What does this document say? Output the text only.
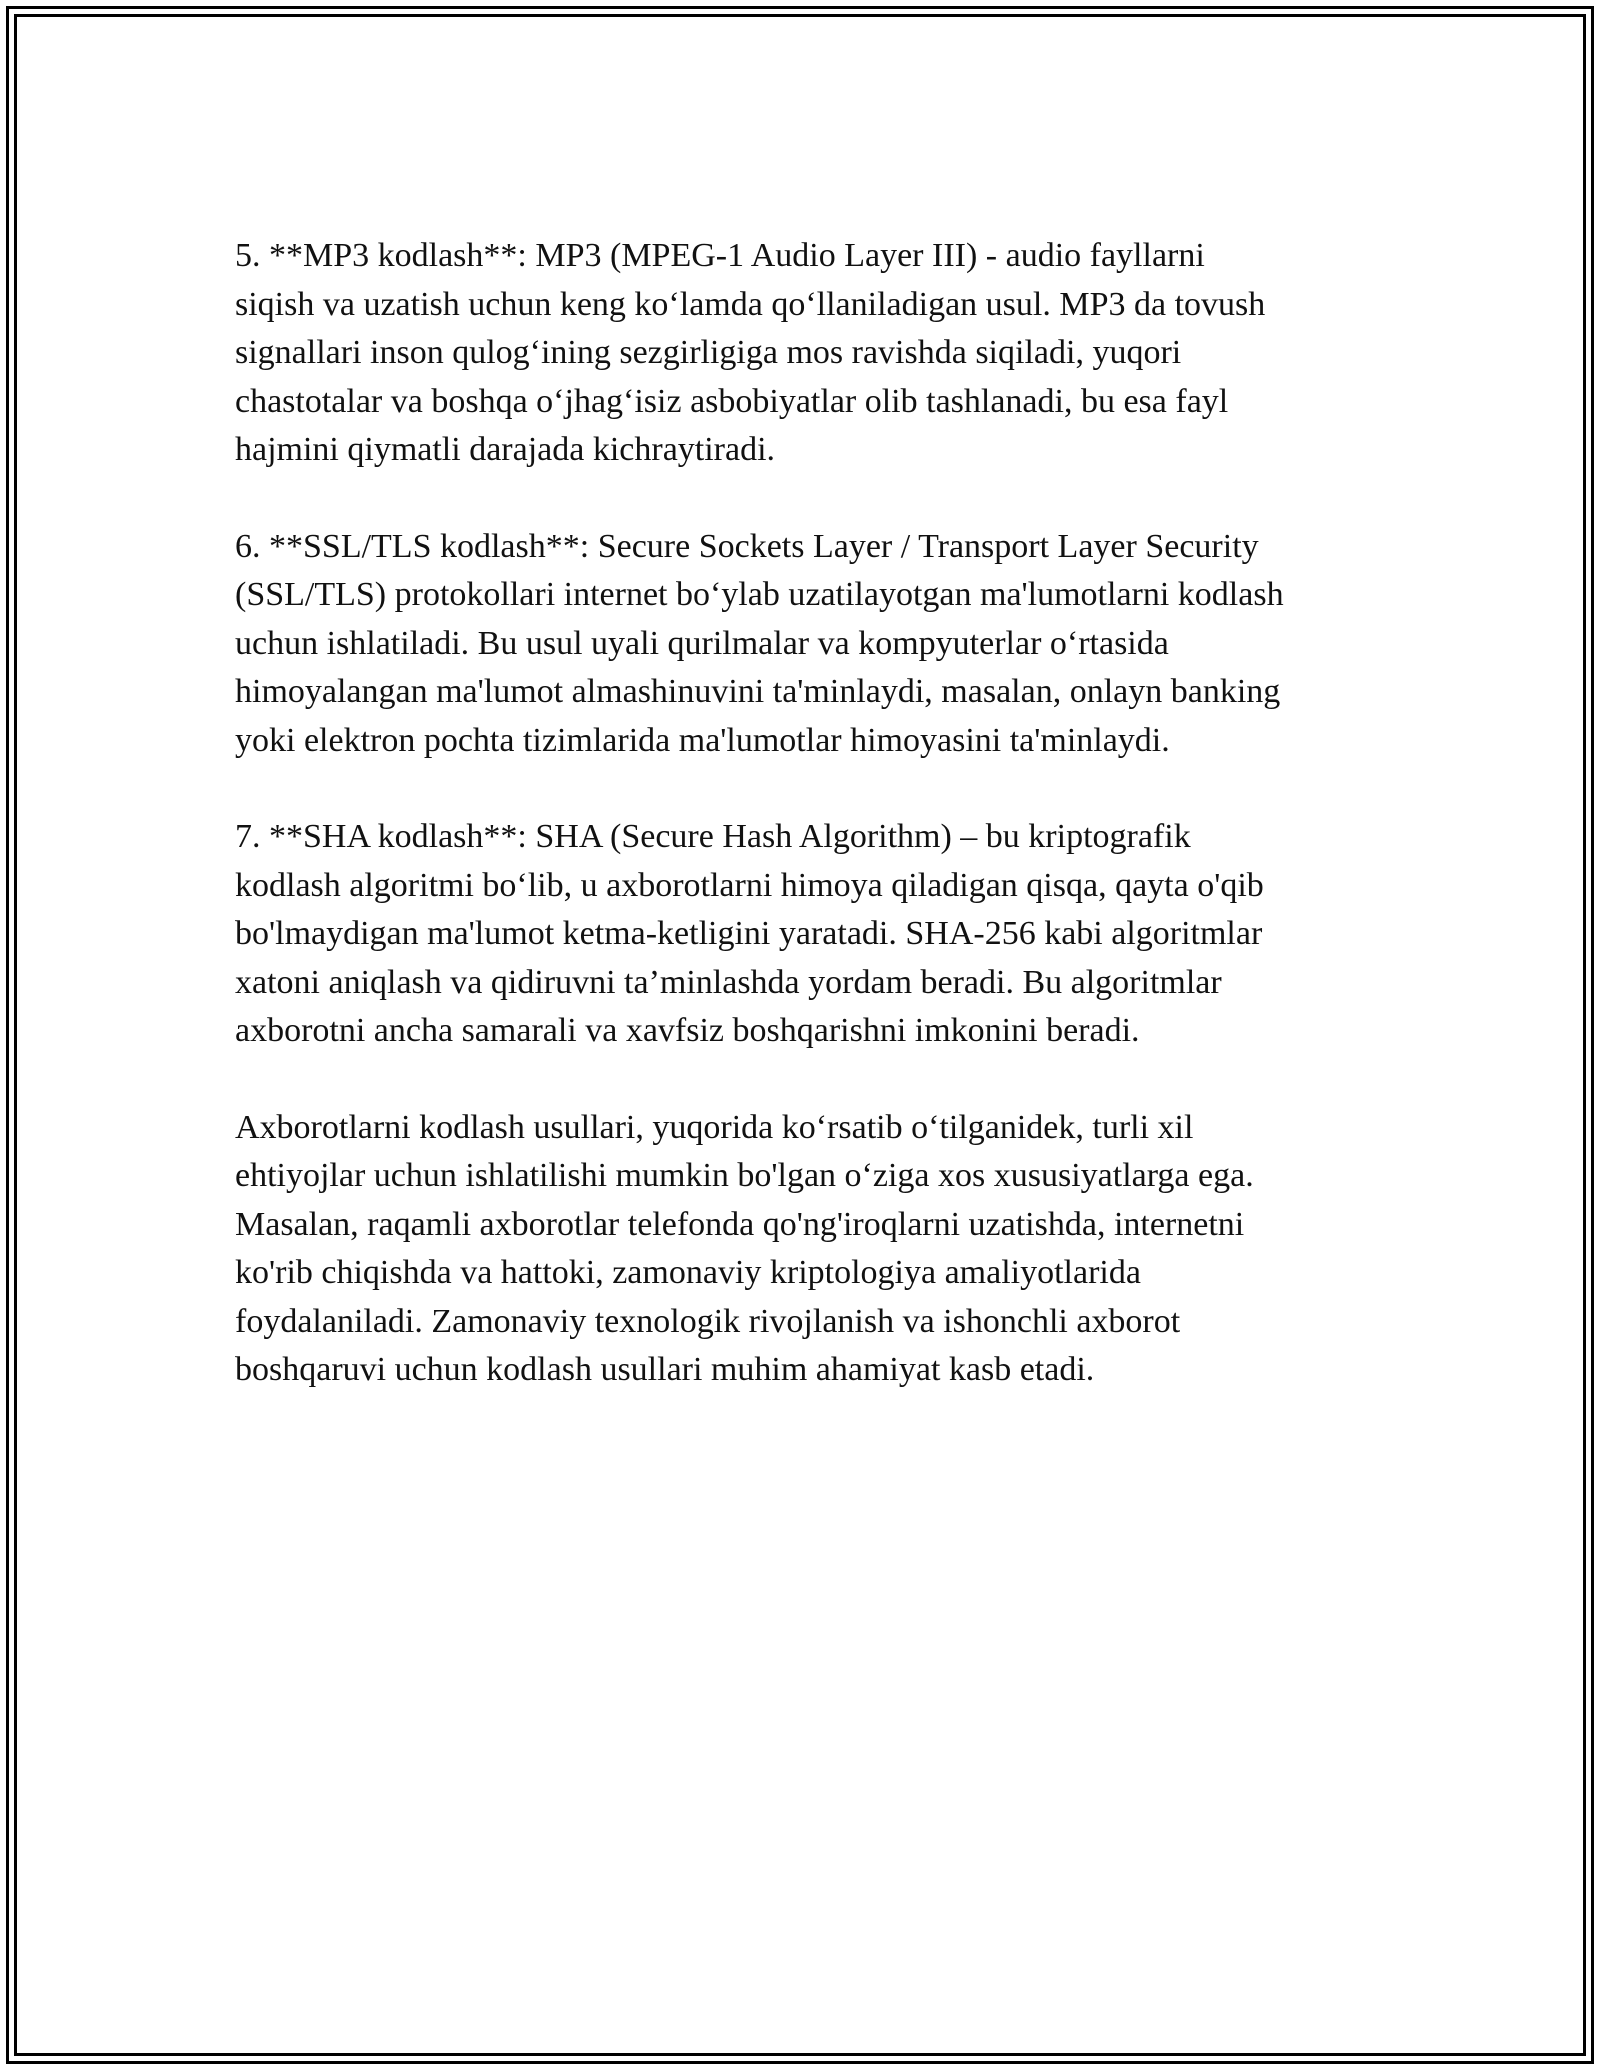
5. **MP3 kodlash**: MP3 (MPEG-1 Audio Layer III) - audio fayllarni
siqish va uzatish uchun keng ko‘lamda qo‘llaniladigan usul. MP3 da tovush
signallari inson qulog‘ining sezgirligiga mos ravishda siqiladi, yuqori
chastotalar va boshqa o‘jhag‘isiz asbobiyatlar olib tashlanadi, bu esa fayl
hajmini qiymatli darajada kichraytiradi.

6. **SSL/TLS kodlash**: Secure Sockets Layer / Transport Layer Security
(SSL/TLS) protokollari internet bo‘ylab uzatilayotgan ma'lumotlarni kodlash
uchun ishlatiladi. Bu usul uyali qurilmalar va kompyuterlar o‘rtasida
himoyalangan ma'lumot almashinuvini ta'minlaydi, masalan, onlayn banking
yoki elektron pochta tizimlarida ma'lumotlar himoyasini ta'minlaydi.

7. **SHA kodlash**: SHA (Secure Hash Algorithm) – bu kriptografik
kodlash algoritmi bo‘lib, u axborotlarni himoya qiladigan qisqa, qayta o'qib
bo'lmaydigan ma'lumot ketma-ketligini yaratadi. SHA-256 kabi algoritmlar
xatoni aniqlash va qidiruvni ta’minlashda yordam beradi. Bu algoritmlar
axborotni ancha samarali va xavfsiz boshqarishni imkonini beradi.

Axborotlarni kodlash usullari, yuqorida ko‘rsatib o‘tilganidek, turli xil
ehtiyojlar uchun ishlatilishi mumkin bo'lgan o‘ziga xos xususiyatlarga ega.
Masalan, raqamli axborotlar telefonda qo'ng'iroqlarni uzatishda, internetni
ko'rib chiqishda va hattoki, zamonaviy kriptologiya amaliyotlarida
foydalaniladi. Zamonaviy texnologik rivojlanish va ishonchli axborot
boshqaruvi uchun kodlash usullari muhim ahamiyat kasb etadi.
